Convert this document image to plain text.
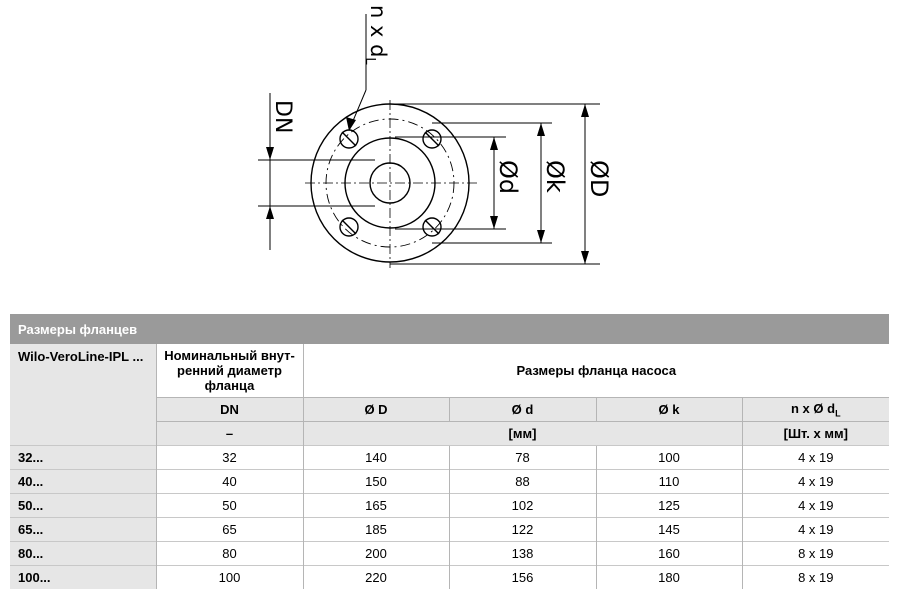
n x $d_L$
DN
Ød Øk ØD
Размеры фланцев					
Wilo-VeroLine-IPL ...	Номинальный внут-ренний диаметр фланца	Размеры фланца насоса			
	DN	Ø D	Ø d	Ø k	n x Ø $d_L$
	–	[мм]			[Шт. x мм]
32...	32	140	78	100	4 x 19
40...	40	150	88	110	4 x 19
50...	50	165	102	125	4 x 19
65...	65	185	122	145	4 x 19
80...	80	200	138	160	8 x 19
100...	100	220	156	180	8 x 19
